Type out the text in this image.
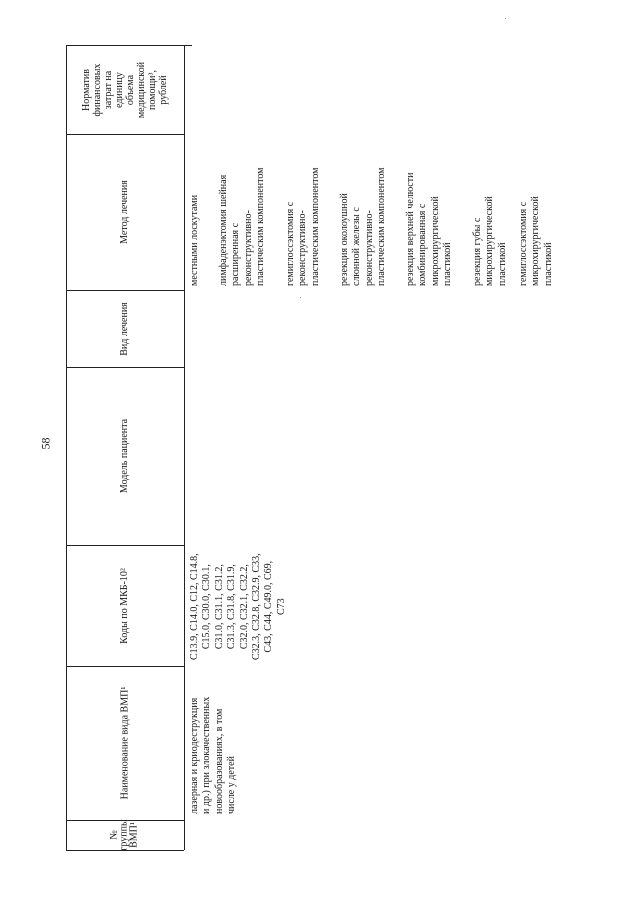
58
Норматив
финансовых
затрат на
единицу
объема
медицинской
помощи³,
рублей
Метод лечения
Вид лечения
Модель пациента
Коды по МКБ-10²
Наименование вида ВМП¹
№
группы
ВМП¹
лазерная и криодеструкция
и др.) при злокачественных
новообразованиях, в том
числе у детей
C13.9, C14.0, C12, C14.8,
C15.0, C30.0, C30.1,
C31.0, C31.1, C31.2,
C31.3, C31.8, C31.9,
C32.0, C32.1, C32.2,
C32.3, C32.8, C32.9, C33,
C43, C44, C49.0, C69,
C73
местными лоскутами лимфаденэктомия шейная
расширенная с
реконструктивно-
пластическим компонентом
гемиглоссэктомия с
реконструктивно-
пластическим компонентом
резекция околоушной
слюнной железы с
реконструктивно-
пластическим компонентом
резекция верхней челюсти
комбинированная с
микрохирургической
пластикой резекция губы с
микрохирургической
пластикой гемиглоссэктомия с
микрохирургической
пластикой
